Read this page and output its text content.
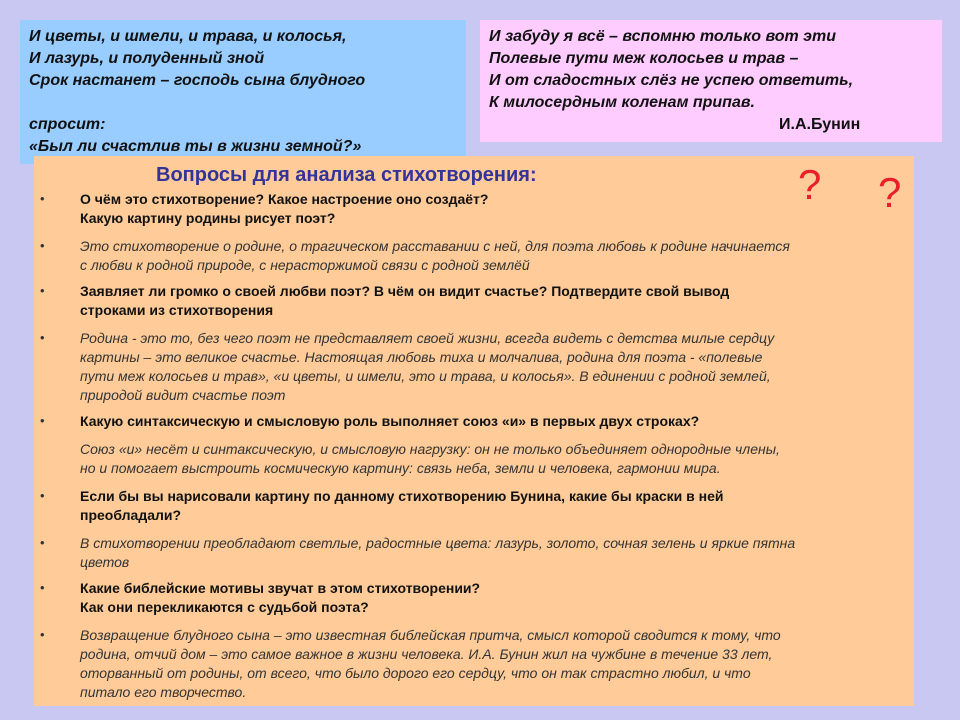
И цветы, и шмели, и трава, и колосья,
И лазурь, и полуденный зной
Срок настанет – господь сына блудного
спросит:
«Был ли счастлив ты в жизни земной?»
И забуду я всё – вспомню только вот эти
Полевые пути меж колосьев и трав –
И от сладостных слёз не успею ответить,
К милосердным коленам припав.
И.А.Бунин
Вопросы для анализа стихотворения:	? ?
•	О чём это стихотворение? Какое настроение оно создаёт?
Какую картину родины рисует поэт?
•	Это стихотворение о родине, о трагическом расставании с ней, для поэта любовь к родине начинается
с любви к родной природе, с нерасторжимой связи с родной землёй
•	Заявляет ли громко о своей любви поэт? В чём он видит счастье? Подтвердите свой вывод
строками из стихотворения
•	Родина - это то, без чего поэт не представляет своей жизни, всегда видеть с детства милые сердцу
картины – это великое счастье. Настоящая любовь тиха и молчалива, родина для поэта - «полевые
пути меж колосьев и трав», «и цветы, и шмели, это и трава, и колосья». В единении с родной землей,
природой видит счастье поэт
•	Какую синтаксическую и смысловую роль выполняет союз «и» в первых двух строках?
Союз «и» несёт и синтаксическую, и смысловую нагрузку: он не только объединяет однородные члены,
но и помогает выстроить космическую картину: связь неба, земли и человека, гармонии мира.
•	Если бы вы нарисовали картину по данному стихотворению Бунина, какие бы краски в ней
преобладали?
•	В стихотворении преобладают светлые, радостные цвета: лазурь, золото, сочная зелень и яркие пятна
цветов
•	Какие библейские мотивы звучат в этом стихотворении?
Как они перекликаются с судьбой поэта?
•	Возвращение блудного сына – это известная библейская притча, смысл которой сводится к тому, что
родина, отчий дом – это самое важное в жизни человека. И.А. Бунин жил на чужбине в течение 33 лет,
оторванный от родины, от всего, что было дорого его сердцу, что он так страстно любил, и что
питало его творчество.
